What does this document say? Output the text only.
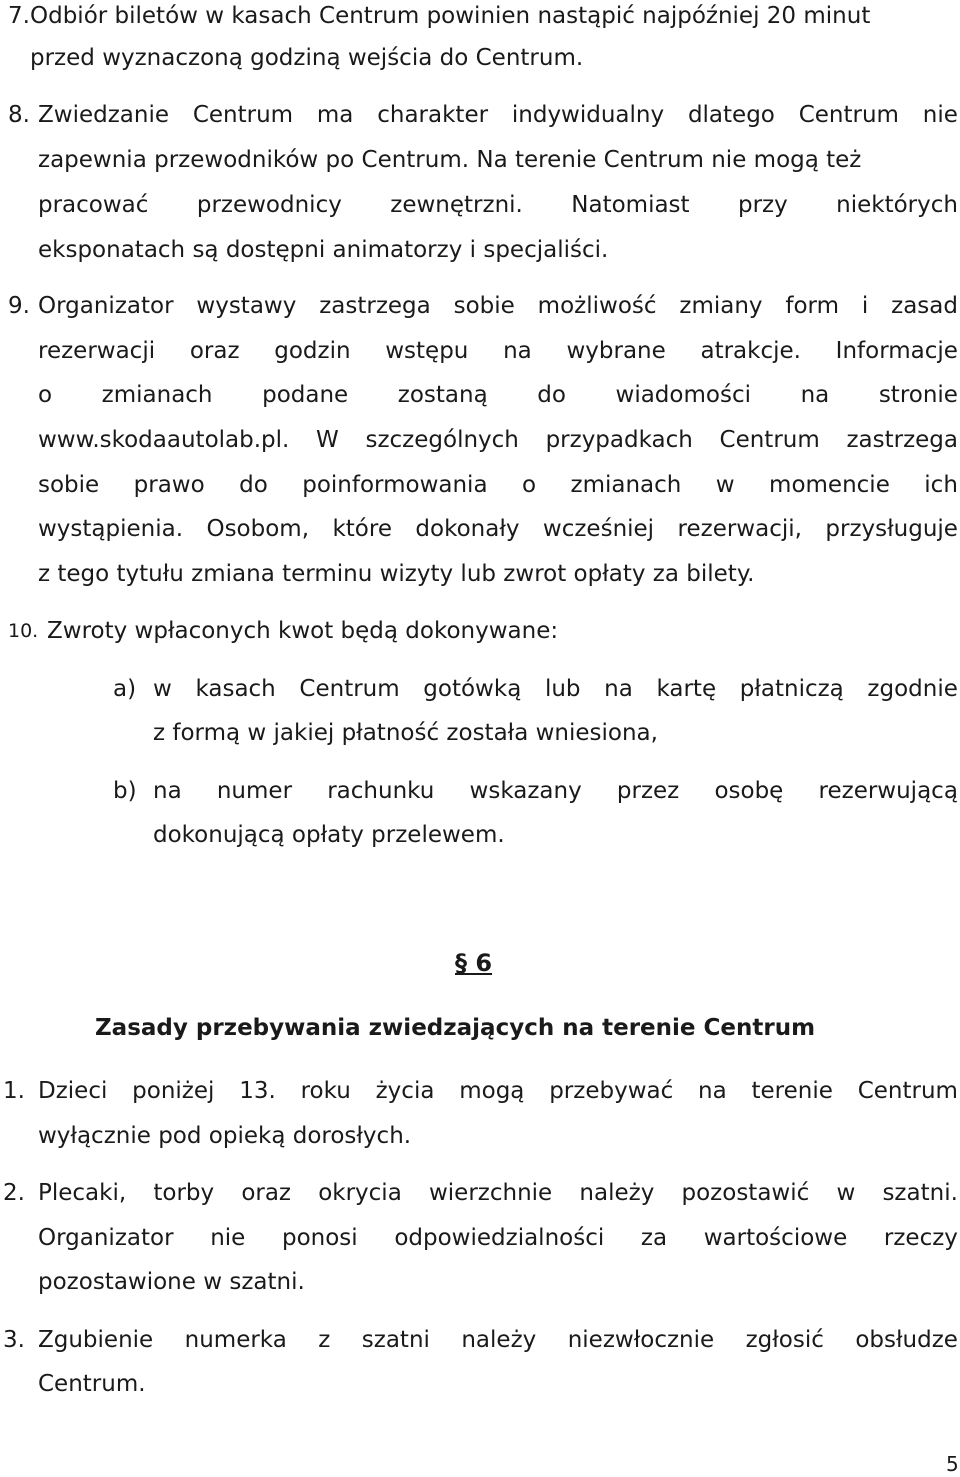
7. Odbiór biletów w kasach Centrum powinien nastąpić najpóźniej 20 minut
przed wyznaczoną godziną wejścia do Centrum.
8. Zwiedzanie Centrum ma charakter indywidualny dlatego Centrum nie
zapewnia przewodników po Centrum. Na terenie Centrum nie mogą też
pracować przewodnicy zewnętrzni. Natomiast przy niektórych
eksponatach są dostępni animatorzy i specjaliści.
9. Organizator wystawy zastrzega sobie możliwość zmiany form i zasad
rezerwacji oraz godzin wstępu na wybrane atrakcje. Informacje
o zmianach podane zostaną do wiadomości na stronie
www.skodaautolab.pl. W szczególnych przypadkach Centrum zastrzega
sobie prawo do poinformowania o zmianach w momencie ich
wystąpienia. Osobom, które dokonały wcześniej rezerwacji, przysługuje
z tego tytułu zmiana terminu wizyty lub zwrot opłaty za bilety.
10. Zwroty wpłaconych kwot będą dokonywane:
a) w kasach Centrum gotówką lub na kartę płatniczą zgodnie
z formą w jakiej płatność została wniesiona,
b) na numer rachunku wskazany przez osobę rezerwującą
dokonującą opłaty przelewem.
§ 6
Zasady przebywania zwiedzających na terenie Centrum
1. Dzieci poniżej 13. roku życia mogą przebywać na terenie Centrum
wyłącznie pod opieką dorosłych.
2. Plecaki, torby oraz okrycia wierzchnie należy pozostawić w szatni.
Organizator nie ponosi odpowiedzialności za wartościowe rzeczy
pozostawione w szatni.
3. Zgubienie numerka z szatni należy niezwłocznie zgłosić obsłudze
Centrum.
5
